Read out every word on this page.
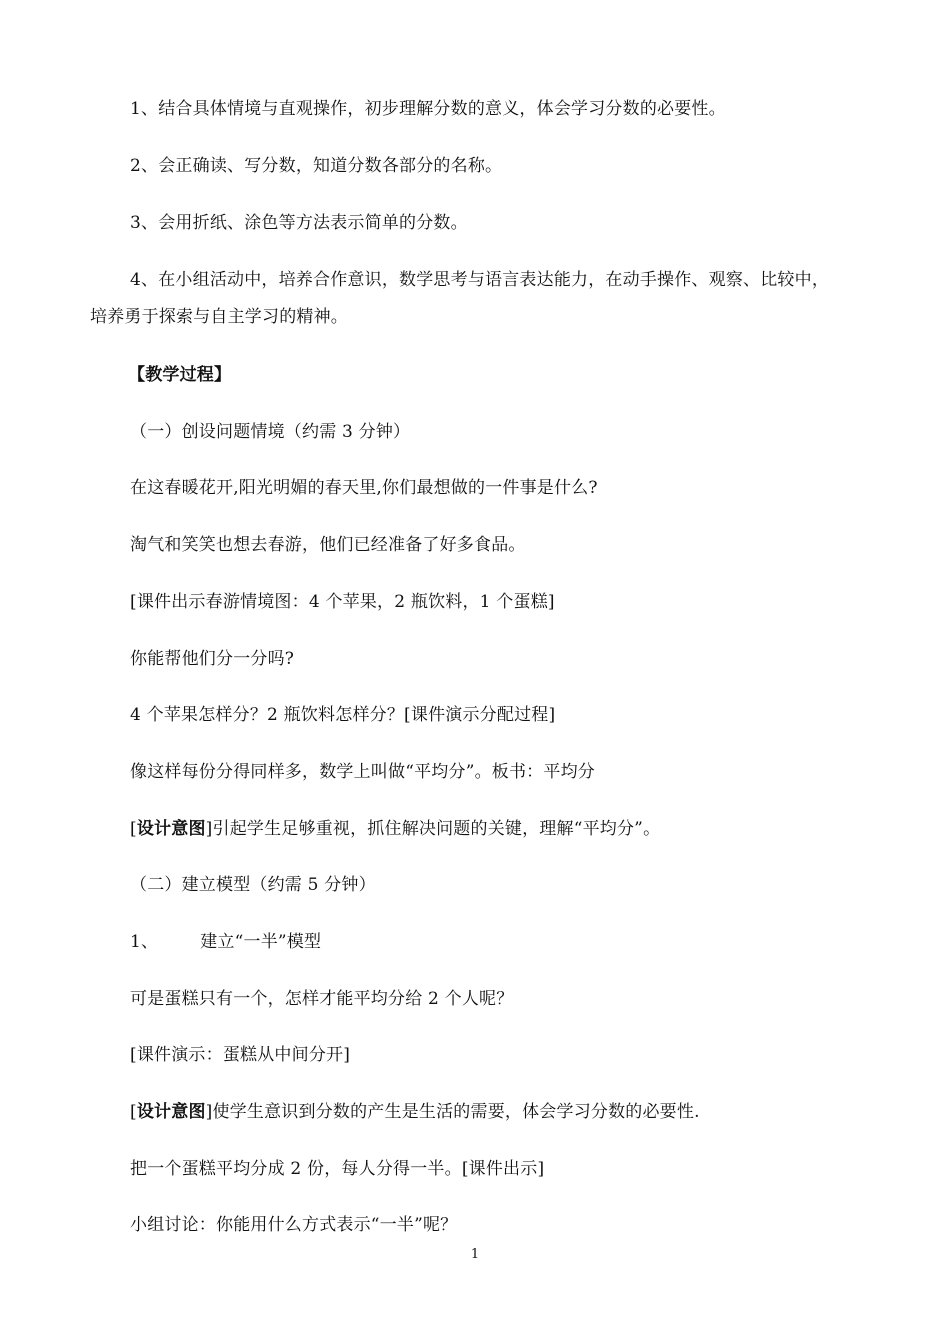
1、结合具体情境与直观操作，初步理解分数的意义，体会学习分数的必要性。
2、会正确读、写分数，知道分数各部分的名称。
3、会用折纸、涂色等方法表示简单的分数。
4、在小组活动中，培养合作意识，数学思考与语言表达能力，在动手操作、观察、比较中，
培养勇于探索与自主学习的精神。
【教学过程】
（一）创设问题情境（约需 3 分钟）
在这春暖花开,阳光明媚的春天里,你们最想做的一件事是什么?
淘气和笑笑也想去春游，他们已经准备了好多食品。
[课件出示春游情境图：4 个苹果，2 瓶饮料，1 个蛋糕]
你能帮他们分一分吗?
4 个苹果怎样分？2 瓶饮料怎样分？[课件演示分配过程]
像这样每份分得同样多，数学上叫做“平均分”。板书：平均分
[设计意图]引起学生足够重视，抓住解决问题的关键，理解“平均分”。
（二）建立模型（约需 5 分钟）
1、 建立“一半”模型
可是蛋糕只有一个，怎样才能平均分给 2 个人呢？
[课件演示：蛋糕从中间分开]
[设计意图]使学生意识到分数的产生是生活的需要，体会学习分数的必要性.
把一个蛋糕平均分成 2 份，每人分得一半。[课件出示]
小组讨论：你能用什么方式表示“一半”呢？
1
